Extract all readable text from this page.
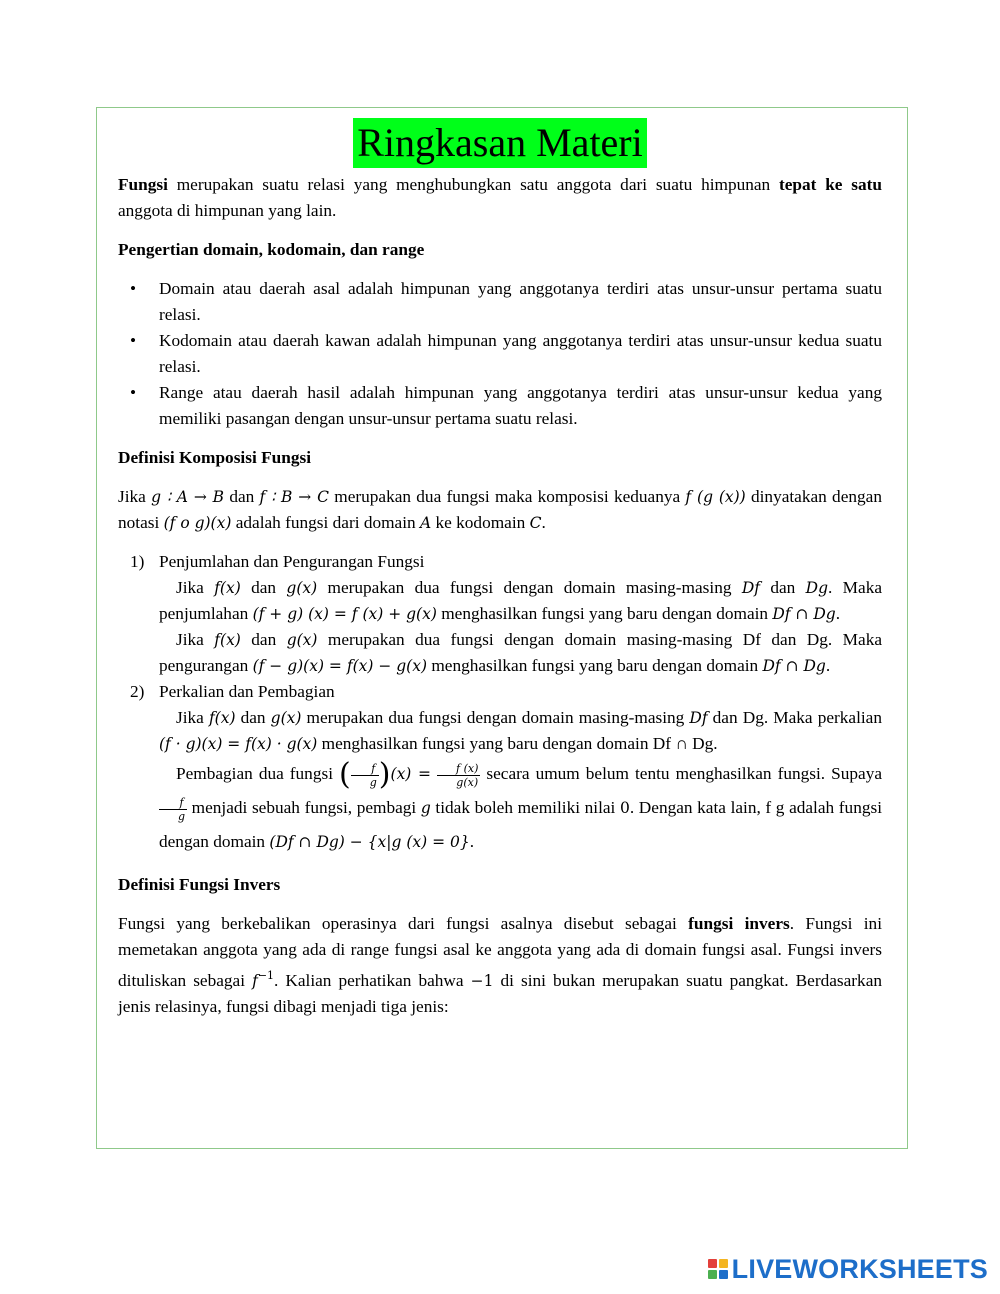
Ringkasan Materi

Fungsi merupakan suatu relasi yang menghubungkan satu anggota dari suatu himpunan tepat ke satu anggota di himpunan yang lain.

Pengertian domain, kodomain, dan range

• Domain atau daerah asal adalah himpunan yang anggotanya terdiri atas unsur-unsur pertama suatu relasi.
• Kodomain atau daerah kawan adalah himpunan yang anggotanya terdiri atas unsur-unsur kedua suatu relasi.
• Range atau daerah hasil adalah himpunan yang anggotanya terdiri atas unsur-unsur kedua yang memiliki pasangan dengan unsur-unsur pertama suatu relasi.

Definisi Komposisi Fungsi

Jika g ∶ A → B dan f ∶ B → C merupakan dua fungsi maka komposisi keduanya f (g (x)) dinyatakan dengan notasi (f o g)(x) adalah fungsi dari domain A ke kodomain C.

1) Penjumlahan dan Pengurangan Fungsi

Jika f(x) dan g(x) merupakan dua fungsi dengan domain masing-masing Df dan Dg. Maka penjumlahan (f + g) (x) = f (x) + g(x) menghasilkan fungsi yang baru dengan domain Df ∩ Dg.

Jika f(x) dan g(x) merupakan dua fungsi dengan domain masing-masing Df dan Dg. Maka pengurangan (f − g)(x) = f(x) − g(x) menghasilkan fungsi yang baru dengan domain Df ∩ Dg.

2) Perkalian dan Pembagian

Jika f(x) dan g(x) merupakan dua fungsi dengan domain masing-masing Df dan Dg. Maka perkalian (f · g)(x) = f(x) · g(x) menghasilkan fungsi yang baru dengan domain Df ∩ Dg.

Pembagian dua fungsi ( $\frac{f}{g} )(x) = \frac{f (x)}{g(x)}$ secara umum belum tentu menghasilkan fungsi. Supaya
$\frac{f}{g}$ menjadi sebuah fungsi, pembagi g tidak boleh memiliki nilai 0. Dengan kata lain, f g adalah fungsi dengan domain (Df ∩ Dg) − {x|g (x) = 0}.

Definisi Fungsi Invers

Fungsi yang berkebalikan operasinya dari fungsi asalnya disebut sebagai fungsi invers. Fungsi ini memetakan anggota yang ada di range fungsi asal ke anggota yang ada di domain fungsi asal. Fungsi invers dituliskan sebagai $f^{-1}$. Kalian perhatikan bahwa −1 di sini bukan merupakan suatu pangkat. Berdasarkan jenis relasinya, fungsi dibagi menjadi tiga jenis:

LIVEWORKSHEETS
